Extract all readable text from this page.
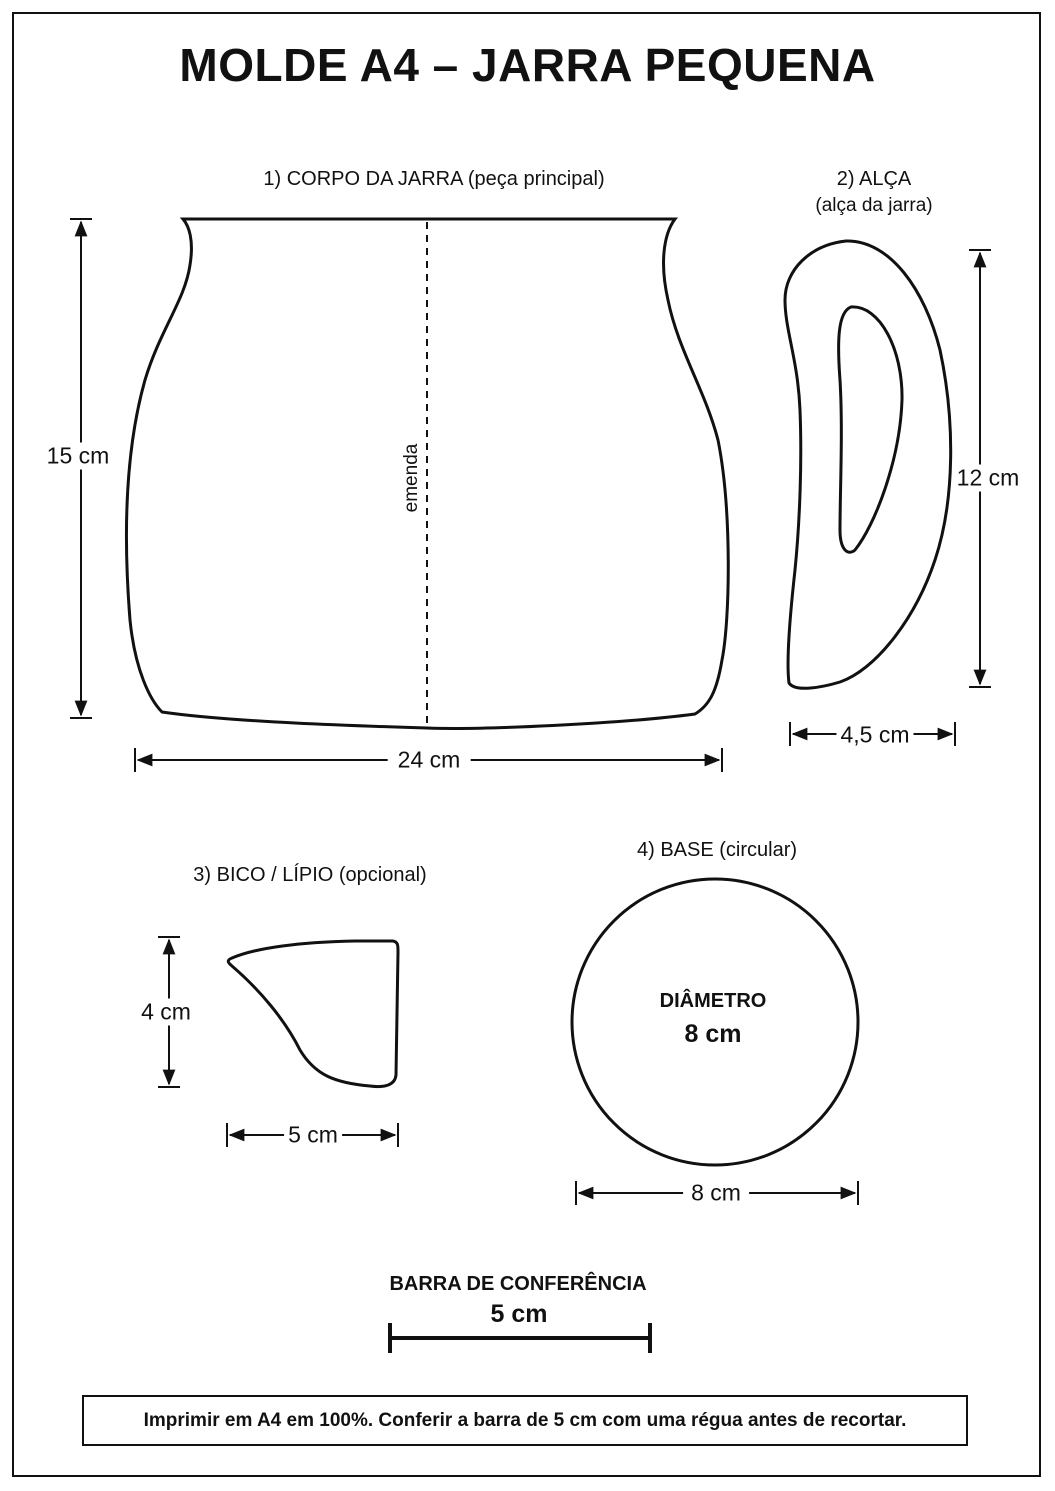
MOLDE A4 – JARRA PEQUENA
1) CORPO DA JARRA (peça principal)	2) ALÇA
(alça da jarra)
3) BICO / LÍPIO (opcional)
4) BASE (circular)
15 cm
24 cm
emenda	12 cm
4,5 cm
4 cm
5 cm
DIÂMETRO
8 cm
8 cm
BARRA DE CONFERÊNCIA
5 cm
Imprimir em A4 em 100%. Conferir a barra de 5 cm com uma régua antes de recortar.
